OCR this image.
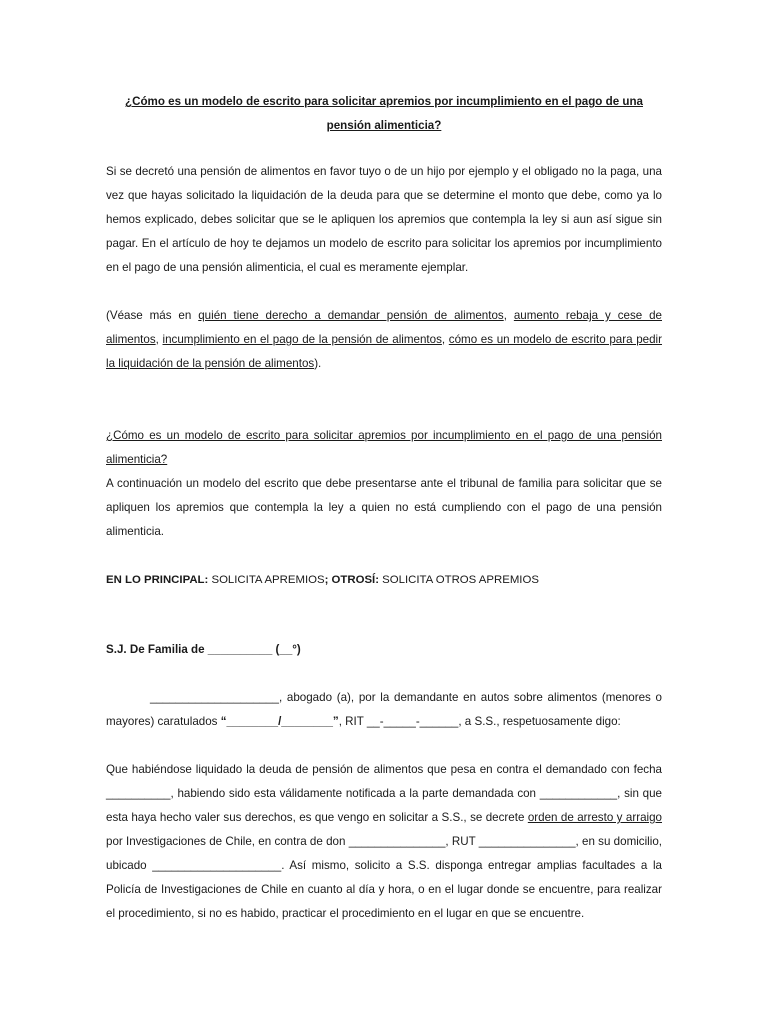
¿Cómo es un modelo de escrito para solicitar apremios por incumplimiento en el pago de una pensión alimenticia?

Si se decretó una pensión de alimentos en favor tuyo o de un hijo por ejemplo y el obligado no la paga, una vez que hayas solicitado la liquidación de la deuda para que se determine el monto que debe, como ya lo hemos explicado, debes solicitar que se le apliquen los apremios que contempla la ley si aun así sigue sin pagar. En el artículo de hoy te dejamos un modelo de escrito para solicitar los apremios por incumplimiento en el pago de una pensión alimenticia, el cual es meramente ejemplar.

(Véase más en quién tiene derecho a demandar pensión de alimentos, aumento rebaja y cese de alimentos, incumplimiento en el pago de la pensión de alimentos, cómo es un modelo de escrito para pedir la liquidación de la pensión de alimentos).

¿Cómo es un modelo de escrito para solicitar apremios por incumplimiento en el pago de una pensión alimenticia?

A continuación un modelo del escrito que debe presentarse ante el tribunal de familia para solicitar que se apliquen los apremios que contempla la ley a quien no está cumpliendo con el pago de una pensión alimenticia.

EN LO PRINCIPAL: SOLICITA APREMIOS; OTROSÍ: SOLICITA OTROS APREMIOS

S.J. De Familia de __________ (__°)

____________________, abogado (a), por la demandante en autos sobre alimentos (menores o mayores) caratulados “________/________”, RIT __-_____-______, a S.S., respetuosamente digo:

Que habiéndose liquidado la deuda de pensión de alimentos que pesa en contra el demandado con fecha __________, habiendo sido esta válidamente notificada a la parte demandada con ____________, sin que esta haya hecho valer sus derechos, es que vengo en solicitar a S.S., se decrete orden de arresto y arraigo por Investigaciones de Chile, en contra de don _______________, RUT _______________, en su domicilio, ubicado ____________________. Así mismo, solicito a S.S. disponga entregar amplias facultades a la Policía de Investigaciones de Chile en cuanto al día y hora, o en el lugar donde se encuentre, para realizar el procedimiento, si no es habido, practicar el procedimiento en el lugar en que se encuentre.
